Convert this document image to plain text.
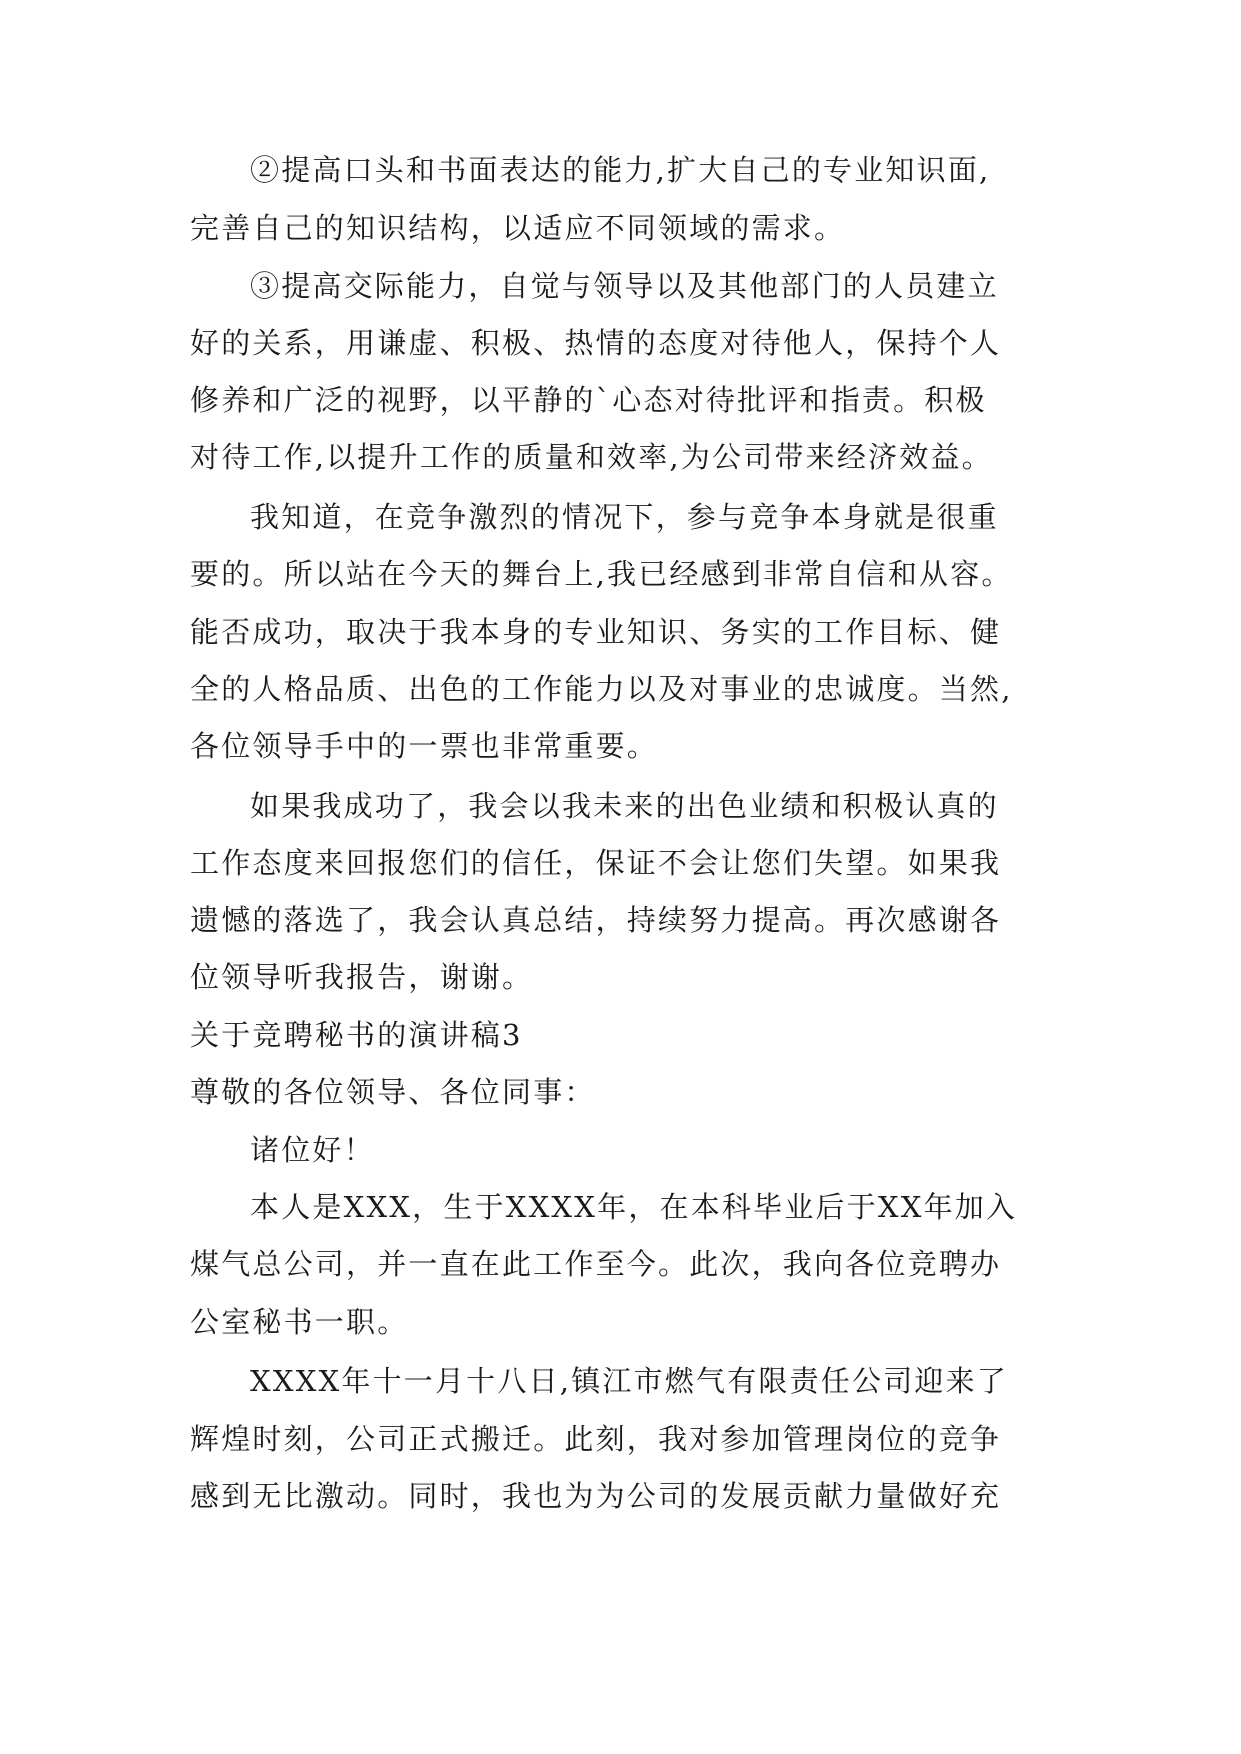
②提高口头和书面表达的能力,扩大自己的专业知识面,
完善自己的知识结构，以适应不同领域的需求。
③提高交际能力，自觉与领导以及其他部门的人员建立
好的关系，用谦虚、积极、热情的态度对待他人，保持个人
修养和广泛的视野，以平静的`心态对待批评和指责。积极
对待工作,以提升工作的质量和效率,为公司带来经济效益。
我知道，在竞争激烈的情况下，参与竞争本身就是很重
要的。所以站在今天的舞台上,我已经感到非常自信和从容。
能否成功，取决于我本身的专业知识、务实的工作目标、健
全的人格品质、出色的工作能力以及对事业的忠诚度。当然,
各位领导手中的一票也非常重要。
如果我成功了，我会以我未来的出色业绩和积极认真的
工作态度来回报您们的信任，保证不会让您们失望。如果我
遗憾的落选了，我会认真总结，持续努力提高。再次感谢各
位领导听我报告，谢谢。
关于竞聘秘书的演讲稿3
尊敬的各位领导、各位同事：
诸位好！
本人是XXX，生于XXXX年，在本科毕业后于XX年加入
煤气总公司，并一直在此工作至今。此次，我向各位竞聘办
公室秘书一职。
XXXX年十一月十八日,镇江市燃气有限责任公司迎来了
辉煌时刻，公司正式搬迁。此刻，我对参加管理岗位的竞争
感到无比激动。同时，我也为为公司的发展贡献力量做好充
